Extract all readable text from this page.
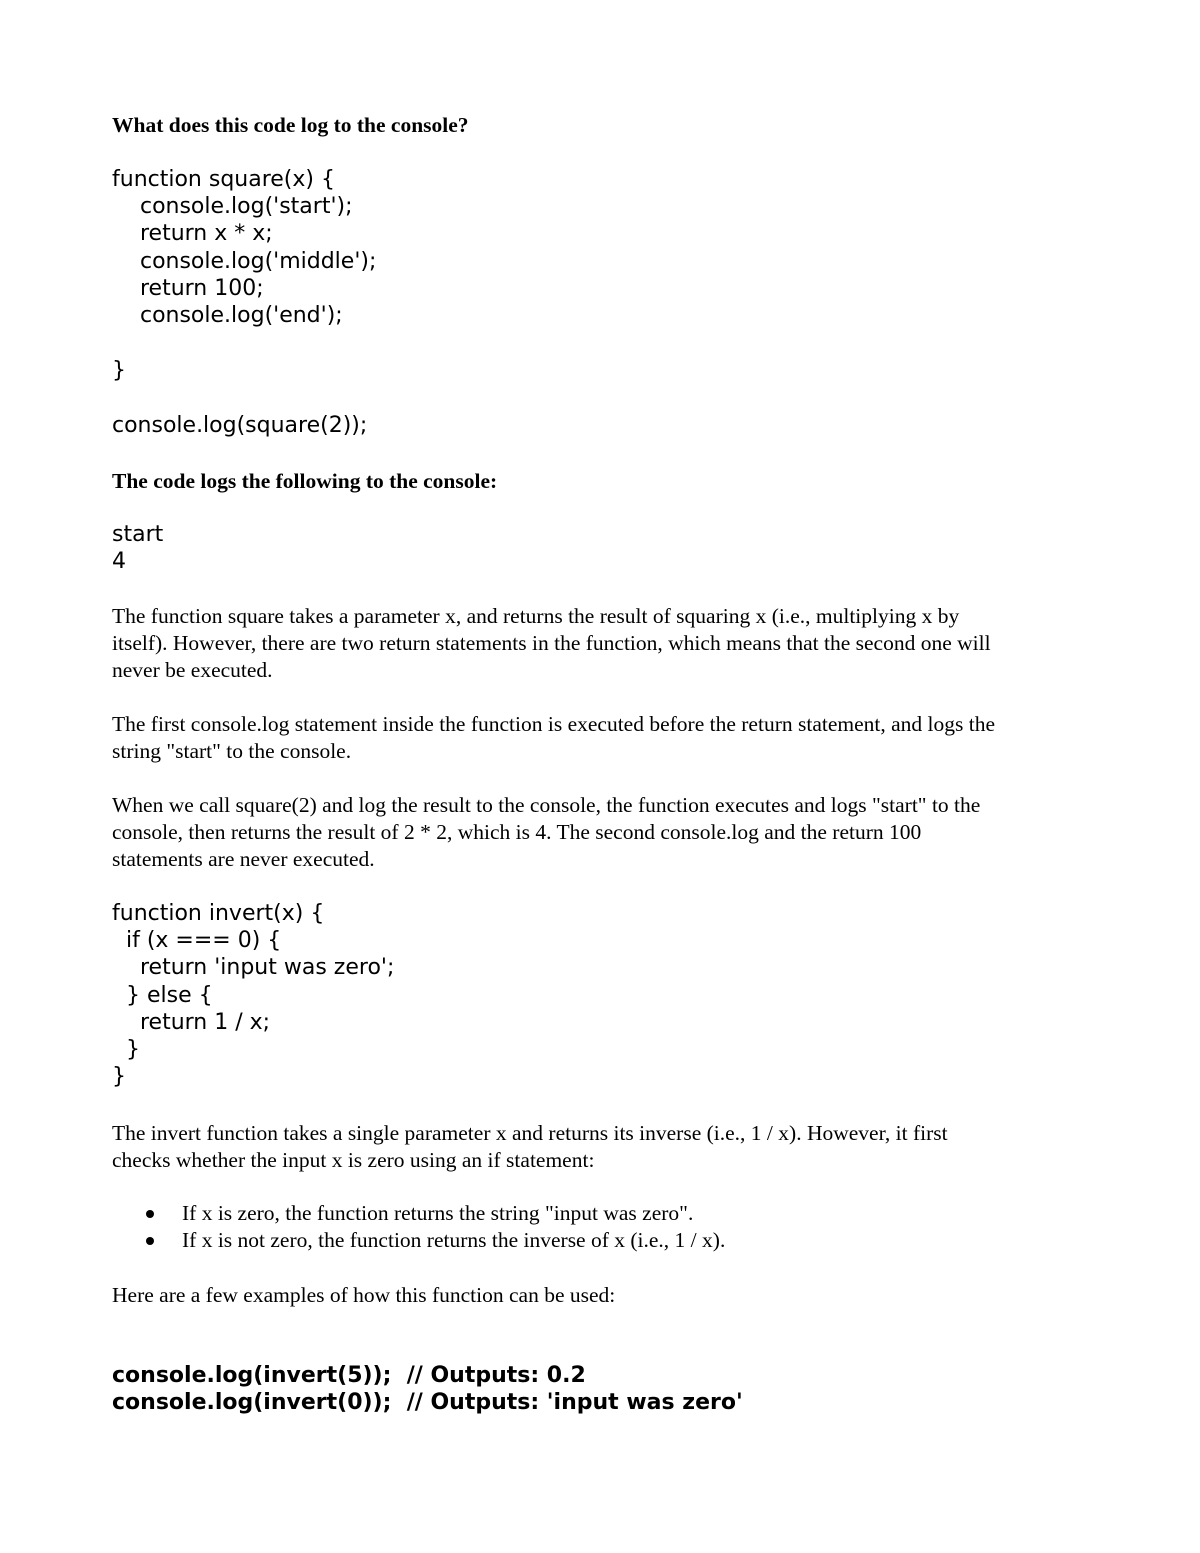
What does this code log to the console?
function square(x) {
console.log('start');
return x * x;
console.log('middle');
return 100;
console.log('end');
}
console.log(square(2));
The code logs the following to the console:
start
4
The function square takes a parameter x, and returns the result of squaring x (i.e., multiplying x by
itself). However, there are two return statements in the function, which means that the second one will
never be executed.
The first console.log statement inside the function is executed before the return statement, and logs the
string "start" to the console.
When we call square(2) and log the result to the console, the function executes and logs "start" to the
console, then returns the result of 2 * 2, which is 4. The second console.log and the return 100
statements are never executed.
function invert(x) {
if (x === 0) {
return 'input was zero';
} else {
return 1 / x;
}
}
The invert function takes a single parameter x and returns its inverse (i.e., 1 / x). However, it first
checks whether the input x is zero using an if statement:
If x is zero, the function returns the string "input was zero".
If x is not zero, the function returns the inverse of x (i.e., 1 / x).
Here are a few examples of how this function can be used:
console.log(invert(5));  // Outputs: 0.2
console.log(invert(0));  // Outputs: 'input was zero'
